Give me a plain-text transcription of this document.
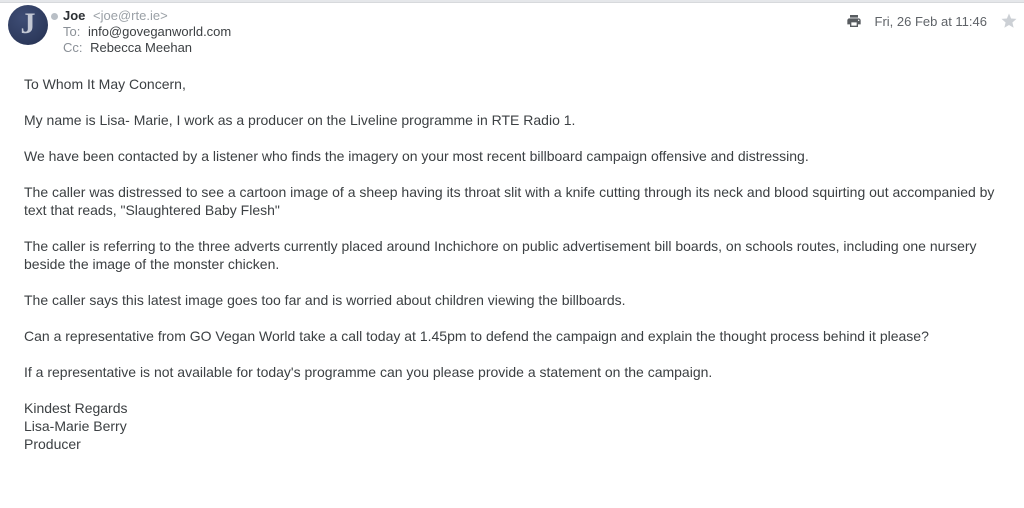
J Joe <joe@rte.ie>
To: info@goveganworld.com
Cc: Rebecca Meehan
Fri, 26 Feb at 11:46

To Whom It May Concern,

My name is Lisa- Marie, I work as a producer on the Liveline programme in RTE Radio 1.

We have been contacted by a listener who finds the imagery on your most recent billboard campaign offensive and distressing.

The caller was distressed to see a cartoon image of a sheep having its throat slit with a knife cutting through its neck and blood squirting out accompanied by text that reads, "Slaughtered Baby Flesh"

The caller is referring to the three adverts currently placed around Inchichore on public advertisement bill boards, on schools routes, including one nursery beside the image of the monster chicken.

The caller says this latest image goes too far and is worried about children viewing the billboards.

Can a representative from GO Vegan World take a call today at 1.45pm to defend the campaign and explain the thought process behind it please?

If a representative is not available for today's programme can you please provide a statement on the campaign.

Kindest Regards
Lisa-Marie Berry
Producer
